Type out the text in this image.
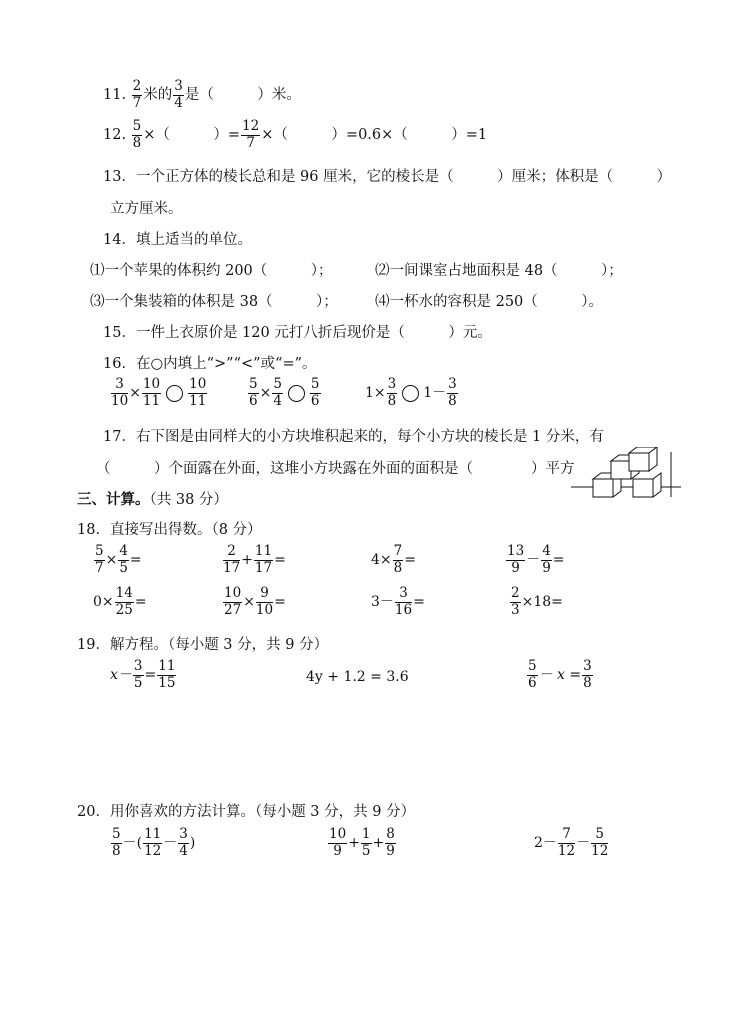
11. $\frac{2}{7}$ 米的 $\frac{3}{4}$ 是（　　　）米。
12. $\frac{5}{8}$ ×（　　　）= $\frac{12}{7}$ ×（　　　）=0.6×（　　　）=1
13．一个正方体的棱长总和是 96 厘米，它的棱长是（　　　）厘米；体积是（　　　）
立方厘米。
14．填上适当的单位。
⑴一个苹果的体积约 200（　　　）；	⑵一间课室占地面积是 48（　　　）；
⑶一个集装箱的体积是 38（　　　）；	⑷一杯水的容积是 250（　　　）。
15．一件上衣原价是 120 元打八折后现价是（　　　）元。
16．在○内填上“>”“<”或“=”。
$\frac{3}{10} \times \frac{10}{11} \frac{10}{11}$	$\frac{5}{6} \times \frac{5}{4} \frac{5}{6}$	$1\times \frac{3}{8} 1- \frac{3}{8}$
17．右下图是由同样大的小方块堆积起来的，每个小方块的棱长是 1 分米，有
（　　　）个面露在外面，这堆小方块露在外面的面积是（　　　　）平方
三、计算。（共 38 分）
18．直接写出得数。（8 分）
$\frac{5}{7} \times \frac{4}{5}$ =	$\frac{2}{17} + \frac{11}{17}$ =	$4\times \frac{7}{8}$ =	$\frac{13}{9} - \frac{4}{9}$ =
$0\times \frac{14}{25}$ =	$\frac{10}{27} \times \frac{9}{10}$ =	$3- \frac{3}{16}$ =	$\frac{2}{3} \times 18=$
19．解方程。（每小题 3 分，共 9 分）
$x- \frac{3}{5} = \frac{11}{15}$	4y + 1.2 = 3.6	$\frac{5}{6} - x = \frac{3}{8}$
20．用你喜欢的方法计算。（每小题 3 分，共 9 分）
$\frac{5}{8}$ －( $\frac{11}{12} - \frac{3}{4}$ )	$\frac{10}{9} + \frac{1}{5} + \frac{8}{9}$	$2- \frac{7}{12} - \frac{5}{12}$
